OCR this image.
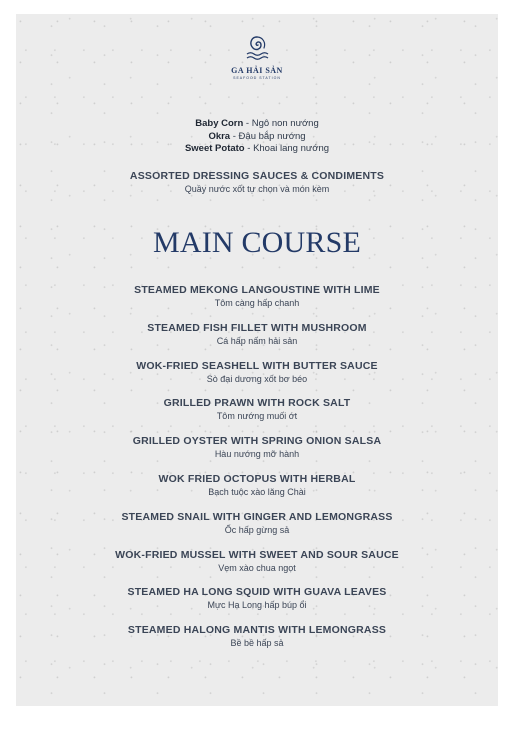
GA HẢI SẢN
SEAFOOD STATION
Baby Corn - Ngô non nướng
Okra - Đậu bắp nướng
Sweet Potato - Khoai lang nướng
ASSORTED DRESSING SAUCES & CONDIMENTS
Quầy nước xốt tự chọn và món kèm
MAIN COURSE
STEAMED MEKONG LANGOUSTINE WITH LIME
Tôm càng hấp chanh
STEAMED FISH FILLET WITH MUSHROOM
Cá hấp nấm hải sản
WOK-FRIED SEASHELL WITH BUTTER SAUCE
Sò đại dương xốt bơ béo
GRILLED PRAWN WITH ROCK SALT
Tôm nướng muối ớt
GRILLED OYSTER WITH SPRING ONION SALSA
Hàu nướng mỡ hành
WOK FRIED OCTOPUS WITH HERBAL
Bạch tuộc xào lăng Chài
STEAMED SNAIL WITH GINGER AND LEMONGRASS
Ốc hấp gừng sả
WOK-FRIED MUSSEL WITH SWEET AND SOUR SAUCE
Vẹm xào chua ngọt
STEAMED HA LONG SQUID WITH GUAVA LEAVES
Mực Hạ Long hấp búp ổi
STEAMED HALONG MANTIS WITH LEMONGRASS
Bề bề hấp sả
